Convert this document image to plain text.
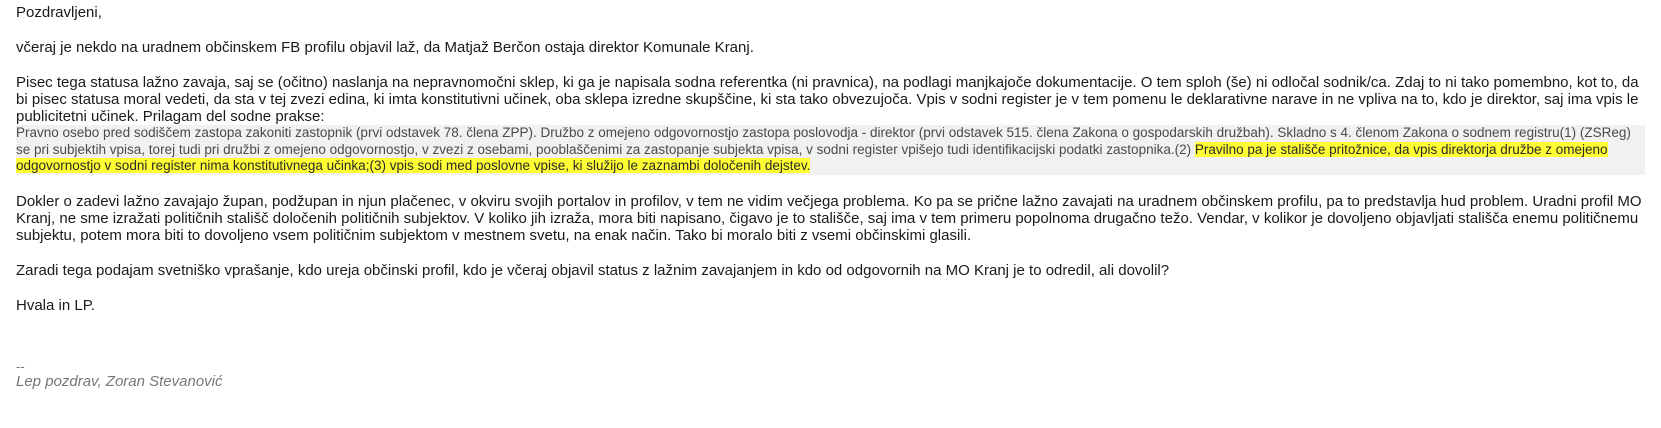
Pozdravljeni,

včeraj je nekdo na uradnem občinskem FB profilu objavil laž, da Matjaž Berčon ostaja direktor Komunale Kranj.

Pisec tega statusa lažno zavaja, saj se (očitno) naslanja na nepravnomočni sklep, ki ga je napisala sodna referentka (ni pravnica), na podlagi manjkajoče dokumentacije. O tem sploh (še) ni odločal sodnik/ca. Zdaj to ni tako pomembno, kot to, da bi pisec statusa moral vedeti, da sta v tej zvezi edina, ki imta konstitutivni učinek, oba sklepa izredne skupščine, ki sta tako obvezujoča. Vpis v sodni register je v tem pomenu le deklarativne narave in ne vpliva na to, kdo je direktor, saj ima vpis le publicitetni učinek. Prilagam del sodne prakse:

Pravno osebo pred sodiščem zastopa zakoniti zastopnik (prvi odstavek 78. člena ZPP). Družbo z omejeno odgovornostjo zastopa poslovodja - direktor (prvi odstavek 515. člena Zakona o gospodarskih družbah). Skladno s 4. členom Zakona o sodnem registru(1) (ZSReg) se pri subjektih vpisa, torej tudi pri družbi z omejeno odgovornostjo, v zvezi z osebami, pooblaščenimi za zastopanje subjekta vpisa, v sodni register vpišejo tudi identifikacijski podatki zastopnika.(2) Pravilno pa je stališče pritožnice, da vpis direktorja družbe z omejeno odgovornostjo v sodni register nima konstitutivnega učinka;(3) vpis sodi med poslovne vpise, ki služijo le zaznambi določenih dejstev.

Dokler o zadevi lažno zavajajo župan, podžupan in njun plačenec, v okviru svojih portalov in profilov, v tem ne vidim večjega problema. Ko pa se prične lažno zavajati na uradnem občinskem profilu, pa to predstavlja hud problem. Uradni profil MO Kranj, ne sme izražati političnih stališč določenih političnih subjektov. V koliko jih izraža, mora biti napisano, čigavo je to stališče, saj ima v tem primeru popolnoma drugačno težo. Vendar, v kolikor je dovoljeno objavljati stališča enemu političnemu subjektu, potem mora biti to dovoljeno vsem političnim subjektom v mestnem svetu, na enak način. Tako bi moralo biti z vsemi občinskimi glasili.

Zaradi tega podajam svetniško vprašanje, kdo ureja občinski profil, kdo je včeraj objavil status z lažnim zavajanjem in kdo od odgovornih na MO Kranj je to odredil, ali dovolil?

Hvala in LP.

--

Lep pozdrav, Zoran Stevanović
